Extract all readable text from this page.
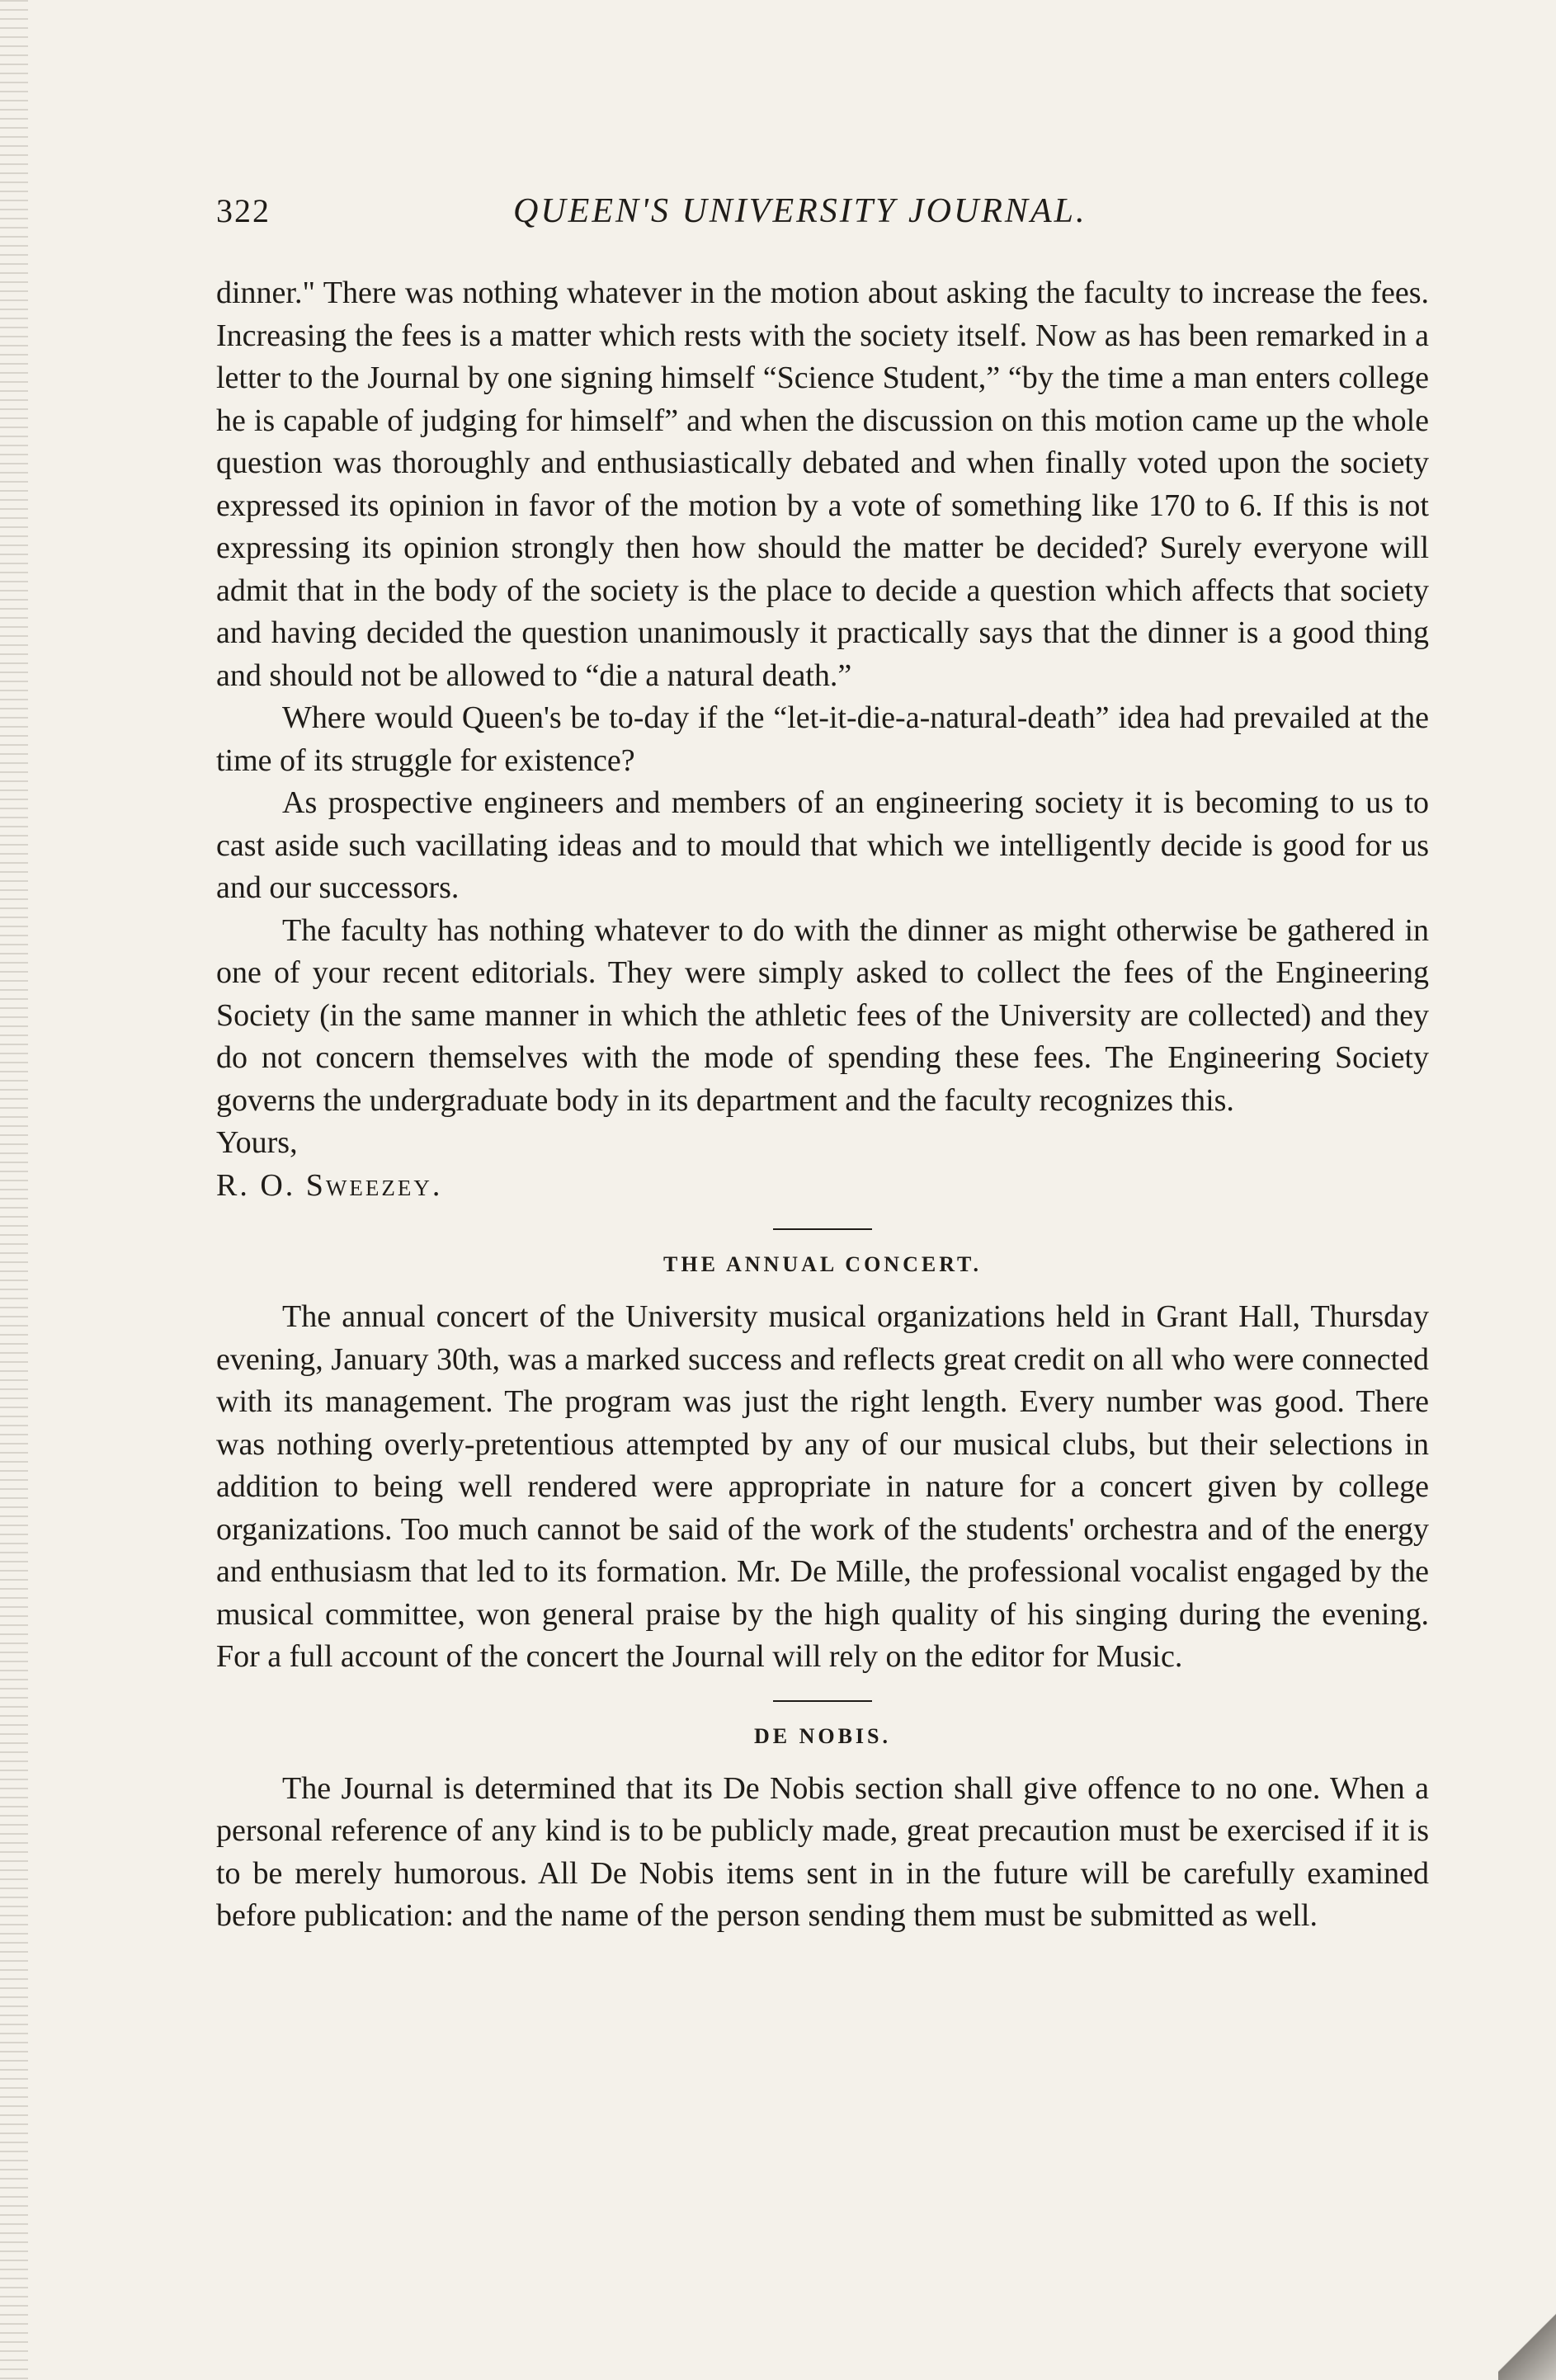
322	QUEEN'S UNIVERSITY JOURNAL.

dinner." There was nothing whatever in the motion about asking the faculty to increase the fees. Increasing the fees is a matter which rests with the society itself. Now as has been remarked in a letter to the Journal by one signing himself “Science Student,” “by the time a man enters college he is capable of judging for himself” and when the discussion on this motion came up the whole question was thoroughly and enthusiastically debated and when finally voted upon the society expressed its opinion in favor of the motion by a vote of something like 170 to 6. If this is not expressing its opinion strongly then how should the matter be decided? Surely everyone will admit that in the body of the society is the place to decide a question which affects that society and having decided the question unanimously it practically says that the dinner is a good thing and should not be allowed to “die a natural death.”

Where would Queen's be to-day if the “let-it-die-a-natural-death” idea had prevailed at the time of its struggle for existence?

As prospective engineers and members of an engineering society it is becoming to us to cast aside such vacillating ideas and to mould that which we intelligently decide is good for us and our successors.

The faculty has nothing whatever to do with the dinner as might otherwise be gathered in one of your recent editorials. They were simply asked to collect the fees of the Engineering Society (in the same manner in which the athletic fees of the University are collected) and they do not concern themselves with the mode of spending these fees. The Engineering Society governs the undergraduate body in its department and the faculty recognizes this.

Yours,

R. O. Sweezey.

THE ANNUAL CONCERT.

The annual concert of the University musical organizations held in Grant Hall, Thursday evening, January 30th, was a marked success and reflects great credit on all who were connected with its management. The program was just the right length. Every number was good. There was nothing overly-pretentious attempted by any of our musical clubs, but their selections in addition to being well rendered were appropriate in nature for a concert given by college organizations. Too much cannot be said of the work of the students' orchestra and of the energy and enthusiasm that led to its formation. Mr. De Mille, the professional vocalist engaged by the musical committee, won general praise by the high quality of his singing during the evening. For a full account of the concert the Journal will rely on the editor for Music.

DE NOBIS.

The Journal is determined that its De Nobis section shall give offence to no one. When a personal reference of any kind is to be publicly made, great precaution must be exercised if it is to be merely humorous. All De Nobis items sent in in the future will be carefully examined before publication: and the name of the person sending them must be submitted as well.
